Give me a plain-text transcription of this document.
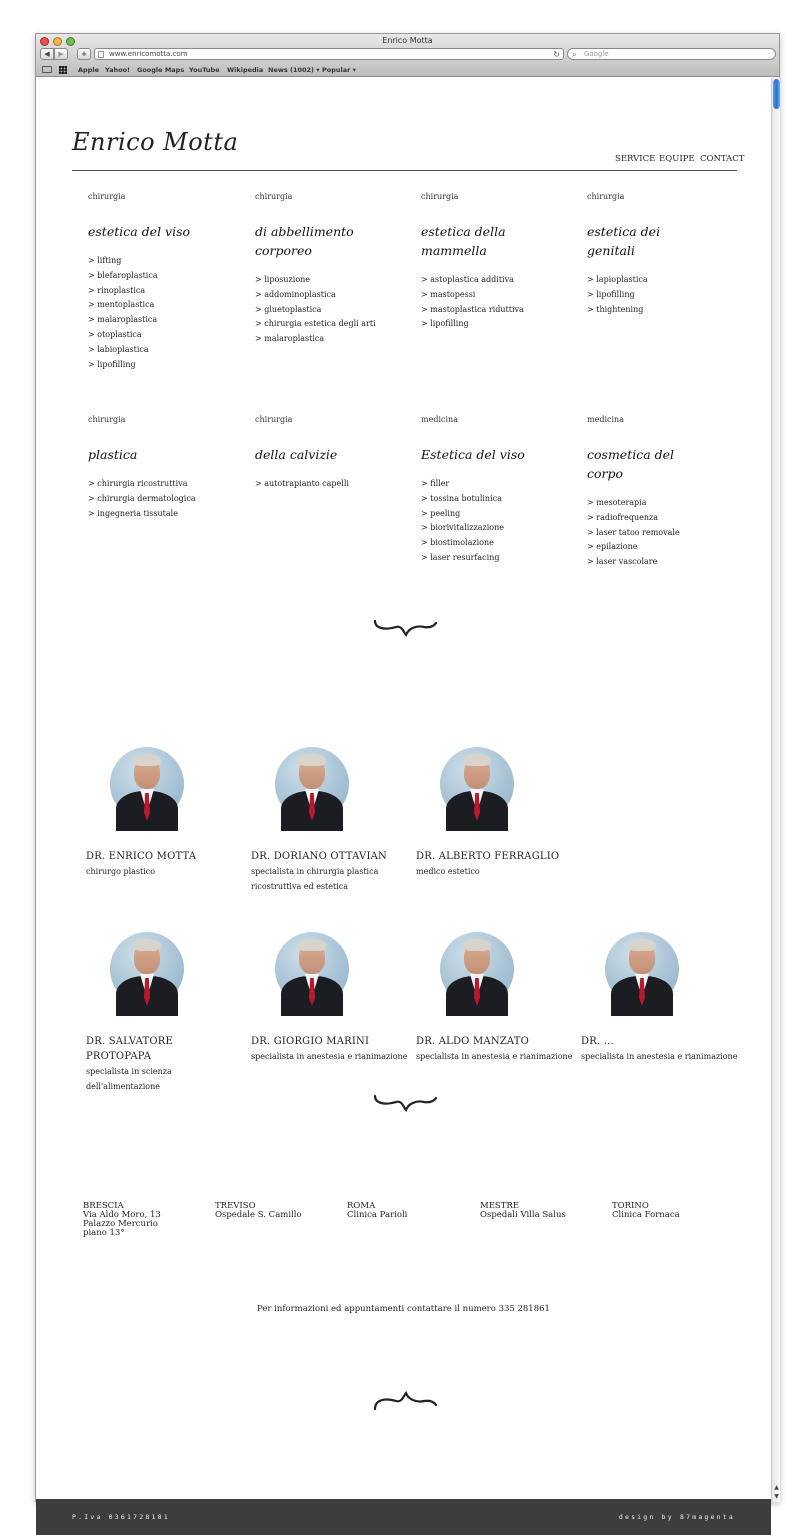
Enrico Motta
◀	▶	+	www.enricomotta.com	↻ ⌕ Google
Apple Yahoo! Google Maps YouTube Wikipedia News (1002) ▾ Popular ▾
Enrico Motta
SERVICE EQUIPE CONTACT
chirurgia
estetica del viso
> lifting
> blefaroplastica
> rinoplastica
> mentoplastica
> malaroplastica
> otoplastica
> labioplastica
> lipofilling
chirurgia
di abbellimento corporeo
> liposuzione
> addominoplastica
> gluetoplastica
> chirurgia estetica degli arti
> malaroplastica
chirurgia
estetica della mammella
> astoplastica additiva
> mastopessi
> mastoplastica riduttiva
> lipofilling
chirurgia
estetica dei genitali
> lapioplastica
> lipofilling
> thightening
chirurgia
plastica
> chirurgia ricostruttiva
> chirurgia dermatologica
> ingegneria tissutale
chirurgia
della calvizie
> autotrapianto capelli
medicina
Estetica del viso
> filler
> tossina botulinica
> peeling
> biorivitalizzazione
> biostimolazione
> laser resurfacing
medicina
cosmetica del corpo
> mesoterapia
> radiofrequenza
> laser tatoo removale
> epilazione
> laser vascolare
DR. ENRICO MOTTA
chirurgo plastico
DR. DORIANO OTTAVIAN
specialista in chirurgia plastica ricostruttiva ed estetica
DR. ALBERTO FERRAGLIO
medico estetico
DR. SALVATORE PROTOPAPA
specialista in scienza dell'alimentazione
DR. GIORGIO MARINI
specialista in anestesia e rianimazione
DR. ALDO MANZATO
specialista in anestesia e rianimazione
DR. ...
specialista in anestesia e rianimazione
BRESCIA
Via Aldo Moro, 13
Palazzo Mercurio
piano 13°
TREVISO
Ospedale S. Camillo
ROMA
Clinica Parioli
MESTRE
Ospedali Villa Salus
TORINO
Clinica Fornaca
Per informazioni ed appuntamenti contattare il numero 335 281861
P.Iva 0361728181	design by 87magenta
▲
▼
